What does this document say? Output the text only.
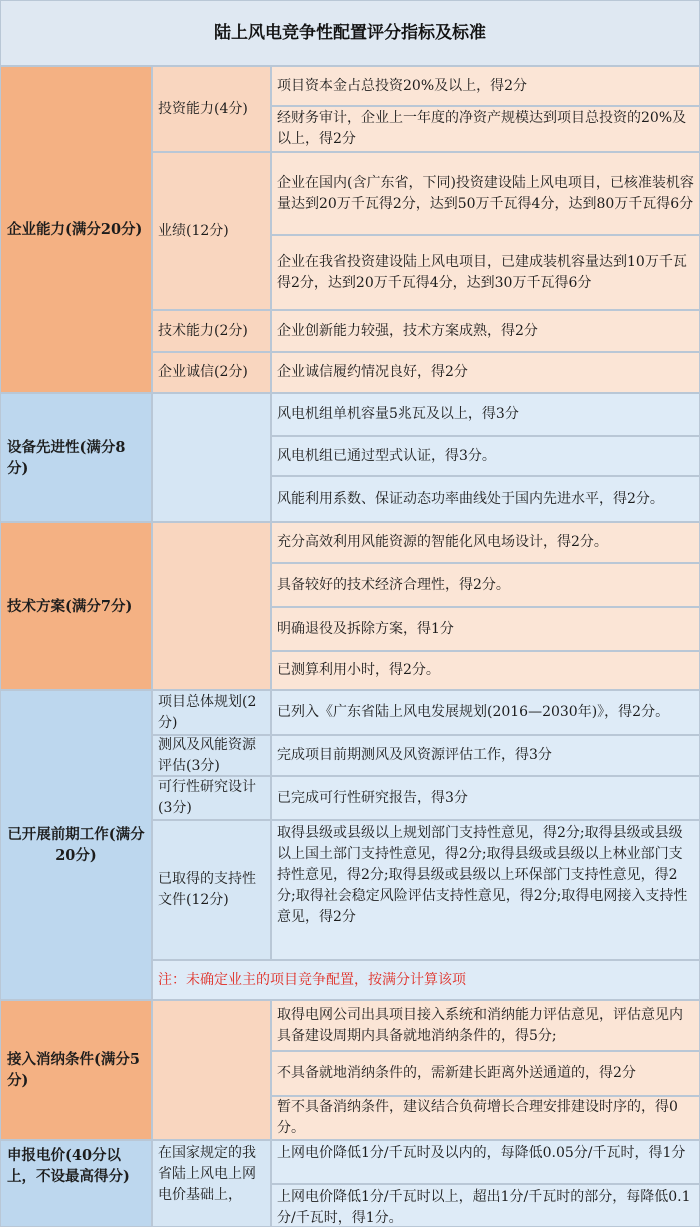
陆上风电竞争性配置评分指标及标准
企业能力(满分20分)
投资能力(4分)
项目资本金占总投资20%及以上，得2分
经财务审计，企业上一年度的净资产规模达到项目总投资的20%及以上，得2分
业绩(12分)
企业在国内(含广东省，下同)投资建设陆上风电项目，已核准装机容量达到20万千瓦得2分，达到50万千瓦得4分，达到80万千瓦得6分
企业在我省投资建设陆上风电项目，已建成装机容量达到10万千瓦得2分，达到20万千瓦得4分，达到30万千瓦得6分
技术能力(2分)	企业创新能力较强，技术方案成熟，得2分
企业诚信(2分)	企业诚信履约情况良好，得2分
设备先进性(满分8分)
风电机组单机容量5兆瓦及以上，得3分
风电机组已通过型式认证，得3分。
风能利用系数、保证动态功率曲线处于国内先进水平，得2分。
技术方案(满分7分)
充分高效利用风能资源的智能化风电场设计，得2分。
具备较好的技术经济合理性，得2分。
明确退役及拆除方案，得1分
已测算利用小时，得2分。
已开展前期工作(满分20分)
项目总体规划(2分)
已列入《广东省陆上风电发展规划(2016—2030年)》，得2分。
测风及风能资源评估(3分)
完成项目前期测风及风资源评估工作，得3分
可行性研究设计(3分)
已完成可行性研究报告，得3分
已取得的支持性文件(12分)
取得县级或县级以上规划部门支持性意见，得2分;取得县级或县级以上国土部门支持性意见，得2分;取得县级或县级以上林业部门支持性意见，得2分;取得县级或县级以上环保部门支持性意见，得2分;取得社会稳定风险评估支持性意见，得2分;取得电网接入支持性意见，得2分
注：未确定业主的项目竞争配置，按满分计算该项
接入消纳条件(满分5分)
取得电网公司出具项目接入系统和消纳能力评估意见，评估意见内具备建设周期内具备就地消纳条件的，得5分;
不具备就地消纳条件的，需新建长距离外送通道的，得2分
暂不具备消纳条件，建议结合负荷增长合理安排建设时序的，得0分。
申报电价(40分以上，不设最高得分)
在国家规定的我省陆上风电上网电价基础上，
上网电价降低1分/千瓦时及以内的，每降低0.05分/千瓦时，得1分
上网电价降低1分/千瓦时以上，超出1分/千瓦时的部分，每降低0.1分/千瓦时，得1分。
